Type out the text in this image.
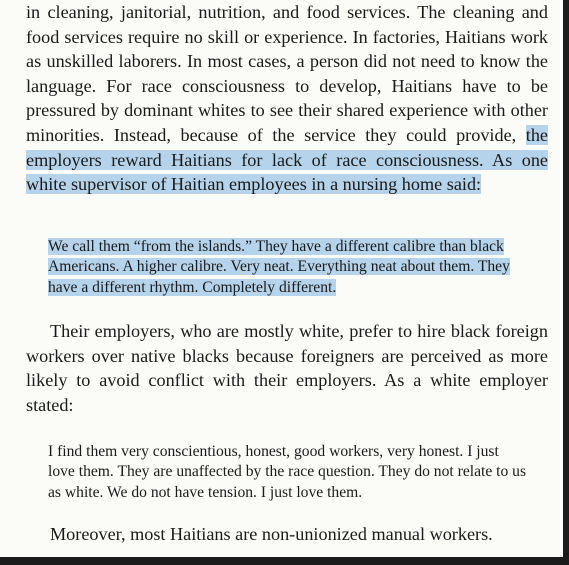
in cleaning, janitorial, nutrition, and food services. The cleaning and food services require no skill or experience. In factories, Haitians work as unskilled laborers. In most cases, a person did not need to know the language. For race consciousness to develop, Haitians have to be pressured by dominant whites to see their shared experience with other minorities. Instead, because of the service they could provide, the employers reward Haitians for lack of race consciousness. As one white supervisor of Haitian employees in a nursing home said:

We call them “from the islands.” They have a different calibre than black Americans. A higher calibre. Very neat. Everything neat about them. They have a different rhythm. Completely different.

Their employers, who are mostly white, prefer to hire black foreign workers over native blacks because foreigners are perceived as more likely to avoid conflict with their employers. As a white employer stated:

I find them very conscientious, honest, good workers, very honest. I just love them. They are unaffected by the race question. They do not relate to us as white. We do not have tension. I just love them.

Moreover, most Haitians are non-unionized manual workers.
